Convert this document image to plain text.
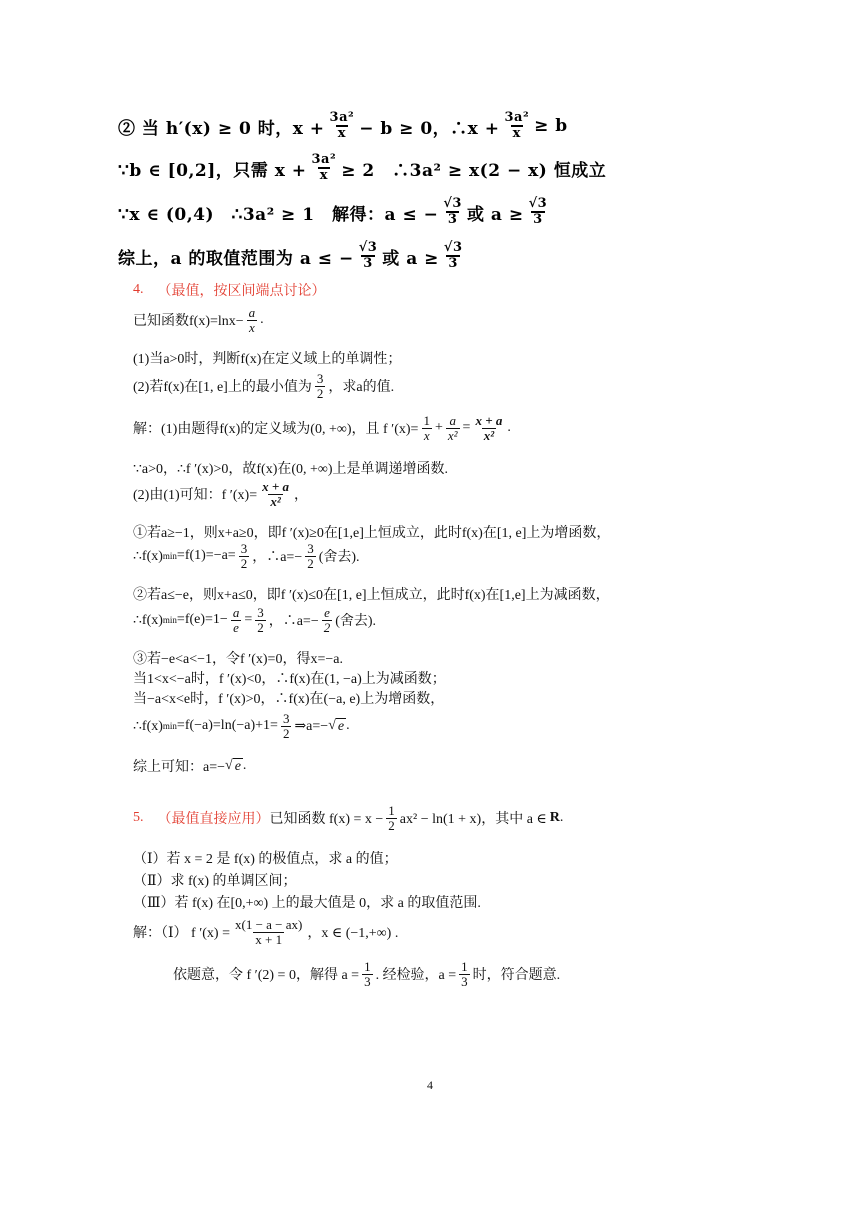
② 当 h′(x) ≥ 0 时，$x + \frac{\text{3a²}}{x} - b \ge 0$，∴x + $\frac{\text{3a²}}{x} \ge b$
∵b ∈ [0,2]，只需 $x + \frac{\text{3a²}}{x} \ge 2$　∴3a² ≥ x(2 − x) 恒成立
∵x ∈ (0,4)　∴3a² ≥ 1　解得：a ≤ − $\frac{√3}{3}$ 或 $a \ge \frac{√3}{3}$
综上，a 的取值范围为 a ≤ − $\frac{√3}{3}$ 或 $a \ge \frac{√3}{3}$
4. （最值，按区间端点讨论）
已知函数$f(x)=\ln x- \frac{a}{x}$ .
(1)当a>0时，判断f(x)在定义域上的单调性；
(2)若f(x)在[1, e]上的最小值为 $\frac{3}{2}$ ，求a的值.
解：(1)由题得f(x)的定义域为(0, +∞)，且 f $'(x)= \frac{1}{x} + \frac{a}{\text{x²}} = \frac{x + a}{\text{x²}}$ .
∵a>0，∴f ′(x)>0，故f(x)在(0, +∞)上是单调递增函数.
(2)由(1)可知：f $'(x)= \frac{x + a}{\text{x²}}$ ，
①若a≥−1，则x+a≥0，即f ′(x)≥0在[1,e]上恒成立，此时f(x)在[1, e]上为增函数，
∴f(x) $\min =f(1)=-a= \frac{3}{2}$ ，∴a=− $\frac{3}{2}$ (舍去).
②若a≤−e，则x+a≤0，即f ′(x)≤0在[1, e]上恒成立，此时f(x)在[1,e]上为减函数，
∴f(x) $\min =f(e)=1- \frac{a}{e} = \frac{3}{2}$ ，∴a=− $\frac{e}{2}$ (舍去).
③若−e<a<−1，令f ′(x)=0，得x=−a.
当1<x<−a时，f ′(x)<0，∴f(x)在(1, −a)上为减函数；
当−a<x<e时，f ′(x)>0，∴f(x)在(−a, e)上为增函数，
∴f(x) $\min =f(-a)=\ln(-a)+1= \frac{3}{2}$ ⇒a=− √ e .
综上可知：a=− √ e .
5. （最值直接应用） 已知函数 $f(x) = x - \frac{1}{2} ax^2 - \ln(1 + x)$，其中 a ∈ R .
（Ⅰ）若 x = 2 是 f(x) 的极值点，求 a 的值；
（Ⅱ）求 f(x) 的单调区间；
（Ⅲ）若 f(x) 在[0,+∞) 上的最大值是 0，求 a 的取值范围.
解：（Ⅰ） f $'(x) = \frac{x(1 - a - ax)}{x + 1}$ ，x ∈ (−1,+∞) .
依题意，令 f ′(2) = 0，解得 $a = \frac{1}{3}$ . 经检验，$a = \frac{1}{3}$ 时，符合题意.
4
